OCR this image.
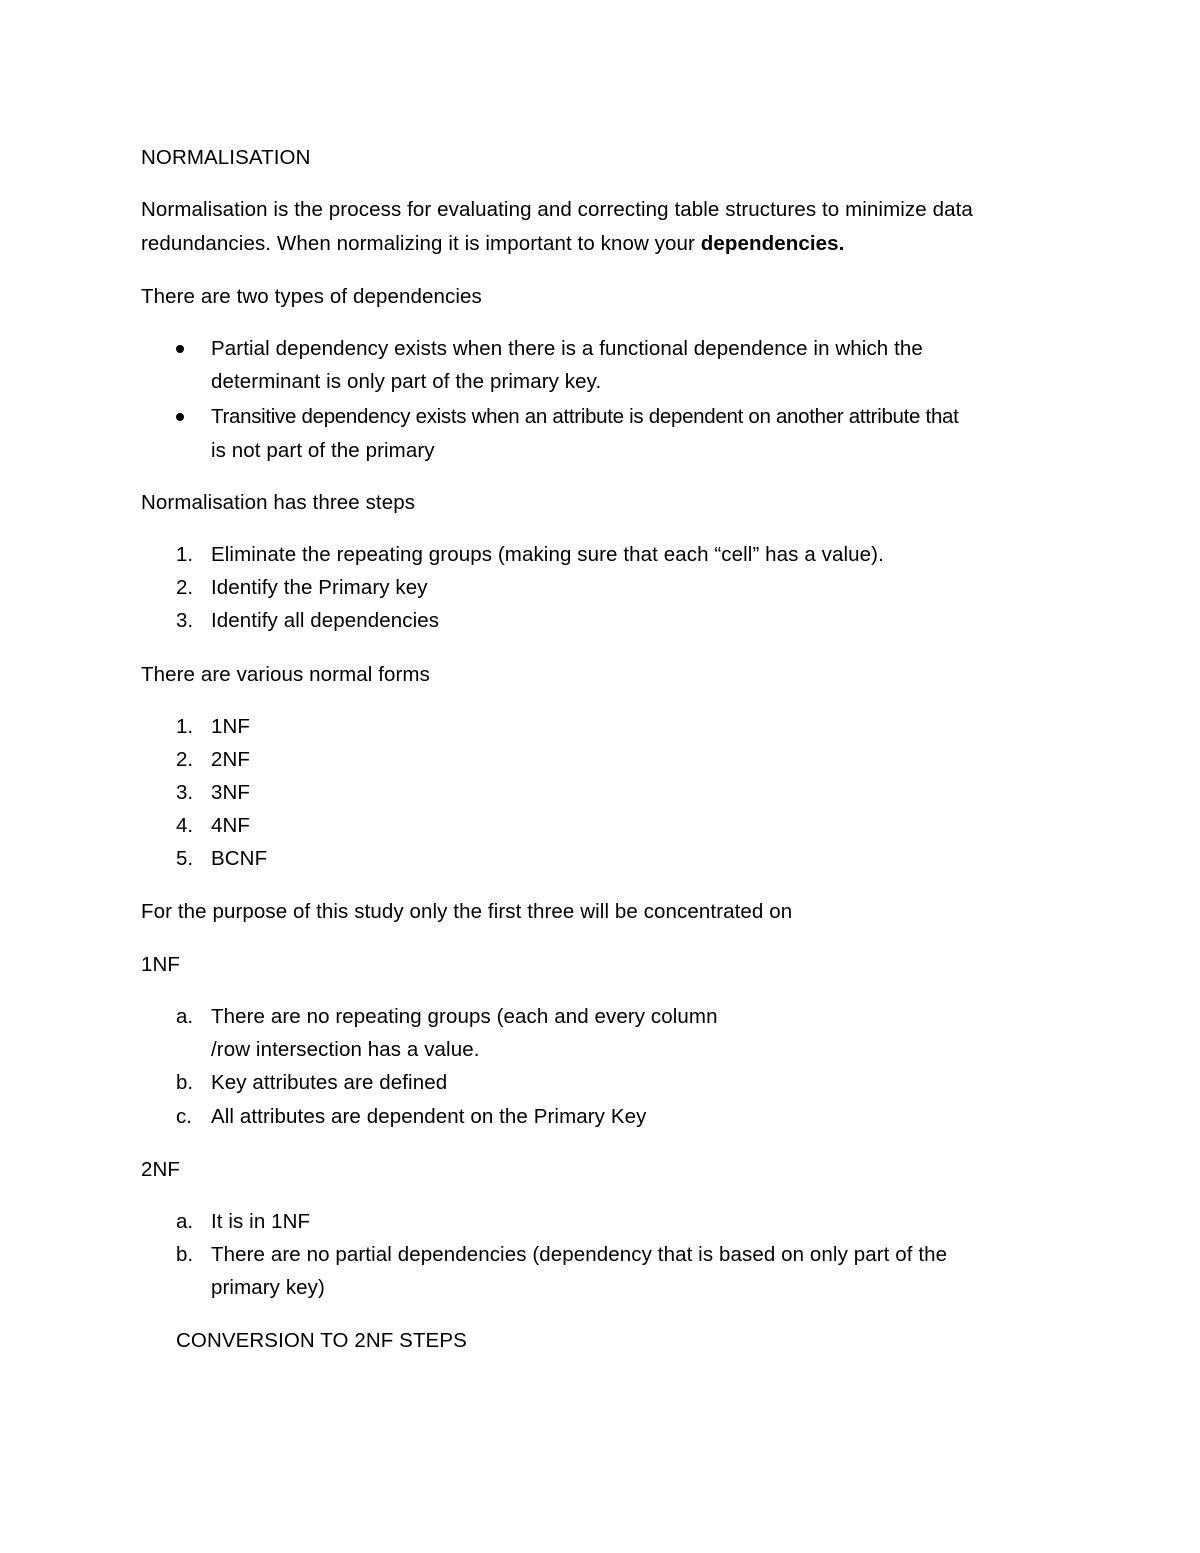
NORMALISATION
Normalisation is the process for evaluating and correcting table structures to minimize data
redundancies. When normalizing it is important to know your dependencies.
There are two types of dependencies
Partial dependency exists when there is a functional dependence in which the
determinant is only part of the primary key.
Transitive dependency exists when an attribute is dependent on another attribute that
is not part of the primary
Normalisation has three steps
1. Eliminate the repeating groups (making sure that each “cell” has a value).
2. Identify the Primary key
3. Identify all dependencies
There are various normal forms
1. 1NF
2. 2NF
3. 3NF
4. 4NF
5. BCNF
For the purpose of this study only the first three will be concentrated on
1NF
a. There are no repeating groups (each and every column
/row intersection has a value.
b. Key attributes are defined
c. All attributes are dependent on the Primary Key
2NF
a. It is in 1NF
b. There are no partial dependencies (dependency that is based on only part of the
primary key)
CONVERSION TO 2NF STEPS
